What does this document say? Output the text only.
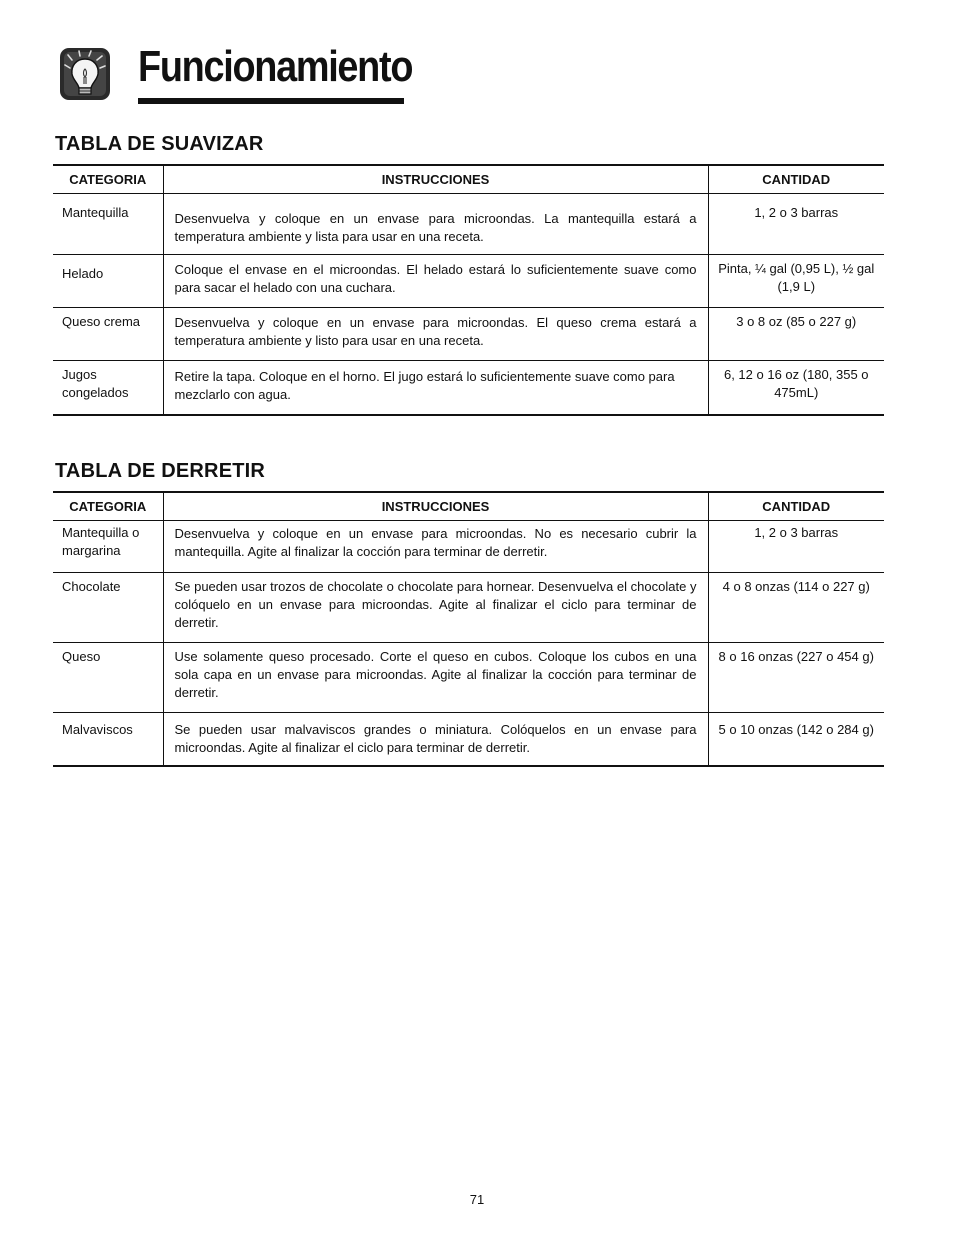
Funcionamiento
TABLA DE SUAVIZAR
CATEGORIA	INSTRUCCIONES	CANTIDAD
Mantequilla	Desenvuelva y coloque en un envase para microondas. La mantequilla estará a temperatura ambiente y lista para usar en una receta.	1, 2 o 3 barras
Helado	Coloque el envase en el microondas. El helado estará lo suficientemente suave como para sacar el helado con una cuchara.	Pinta, ¼ gal (0,95 L), ½ gal (1,9 L)
Queso crema	Desenvuelva y coloque en un envase para microondas. El queso crema estará a temperatura ambiente y listo para usar en una receta.	3 o 8 oz (85 o 227 g)
Jugos congelados	Retire la tapa. Coloque en el horno. El jugo estará lo suficientemente suave como para mezclarlo con agua.	6, 12 o 16 oz (180, 355 o 475mL)
TABLA DE DERRETIR
CATEGORIA	INSTRUCCIONES	CANTIDAD
Mantequilla o margarina	Desenvuelva y coloque en un envase para microondas. No es necesario cubrir la mantequilla. Agite al finalizar la cocción para terminar de derretir.	1, 2 o 3 barras
Chocolate	Se pueden usar trozos de chocolate o chocolate para hornear. Desenvuelva el chocolate y colóquelo en un envase para microondas. Agite al finalizar el ciclo para terminar de derretir.	4 o 8 onzas (114 o 227 g)
Queso	Use solamente queso procesado. Corte el queso en cubos. Coloque los cubos en una sola capa en un envase para microondas. Agite al finalizar la cocción para terminar de derretir.	8 o 16 onzas (227 o 454 g)
Malvaviscos	Se pueden usar malvaviscos grandes o miniatura. Colóquelos en un envase para microondas. Agite al finalizar el ciclo para terminar de derretir.	5 o 10 onzas (142 o 284 g)
71
